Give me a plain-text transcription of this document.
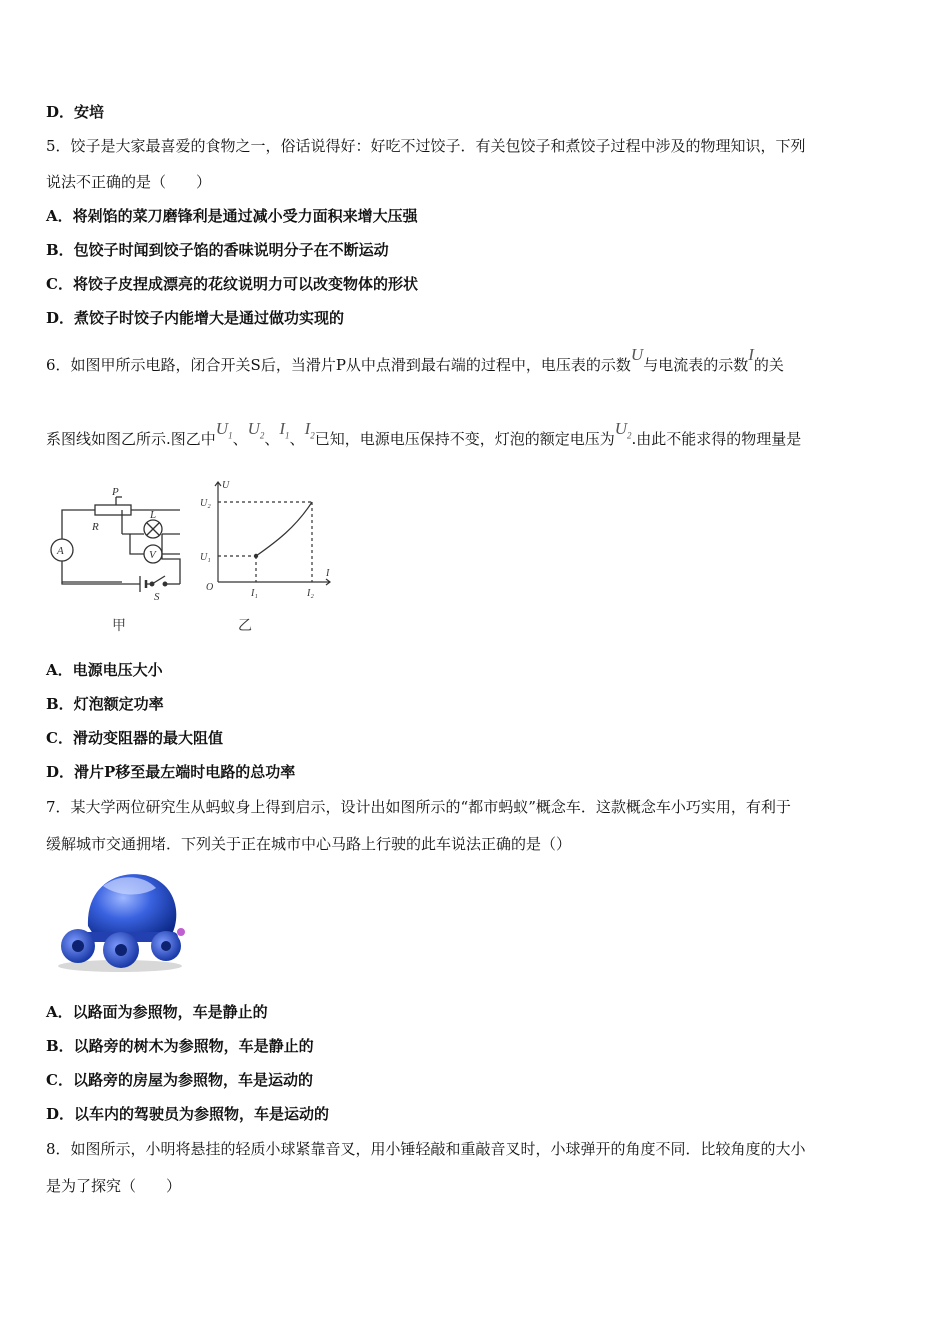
D．安培
5．饺子是大家最喜爱的食物之一，俗话说得好：好吃不过饺子．有关包饺子和煮饺子过程中涉及的物理知识，下列
说法不正确的是（　　）
A．将剁馅的菜刀磨锋利是通过减小受力面积来增大压强
B．包饺子时闻到饺子馅的香味说明分子在不断运动
C．将饺子皮捏成漂亮的花纹说明力可以改变物体的形状
D．煮饺子时饺子内能增大是通过做功实现的
6．如图甲所示电路，闭合开关S后，当滑片P从中点滑到最右端的过程中，电压表的示数U与电流表的示数I的关
系图线如图乙所示.图乙中$U_1$、$U_2$、$I_1$、$I_2$已知，电源电压保持不变，灯泡的额定电压为$U_2$.由此不能求得的物理量是
A	V
L
P
R
S
甲
U
I
O
U₁
U₂
I₁	I₂
乙
A．电源电压大小
B．灯泡额定功率
C．滑动变阻器的最大阻值
D．滑片P移至最左端时电路的总功率
7．某大学两位研究生从蚂蚁身上得到启示，设计出如图所示的“都市蚂蚁”概念车．这款概念车小巧实用，有利于
缓解城市交通拥堵．下列关于正在城市中心马路上行驶的此车说法正确的是（）
A．以路面为参照物，车是静止的
B．以路旁的树木为参照物，车是静止的
C．以路旁的房屋为参照物，车是运动的
D．以车内的驾驶员为参照物，车是运动的
8．如图所示，小明将悬挂的轻质小球紧靠音叉，用小锤轻敲和重敲音叉时，小球弹开的角度不同．比较角度的大小
是为了探究（　　）
